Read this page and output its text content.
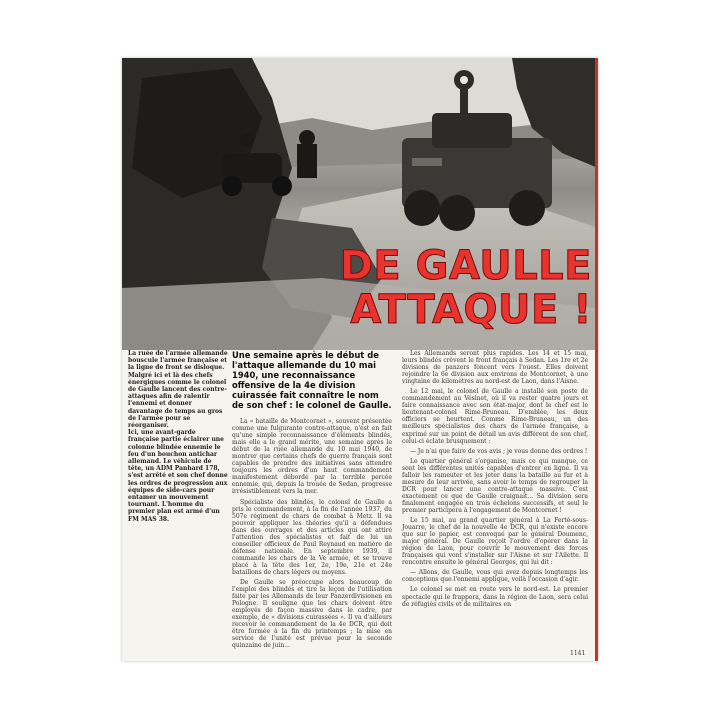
DE GAULLE
ATTAQUE !
La ruée de l'armée allemande bouscule l'armée française et la ligne de front se disloque. Malgré ici et là des chefs énergiques comme le colonel de Gaulle lancent des contre-attaques afin de ralentir l'ennemi et donner davantage de temps au gros de l'armée pour se réorganiser.
Ici, une avant-garde française partie éclairer une colonne blindée ennemie le feu d'un bouchon antichar allemand. Le véhicule de tête, un ADM Panhard 178, s'est arrêté et son chef donne les ordres de progression aux équipes de side-cars pour entamer un mouvement tournant. L'homme du premier plan est armé d'un FM MAS 38.
Une semaine après le début de l'attaque allemande du 10 mai 1940, une reconnaissance offensive de la 4e division cuirassée fait connaître le nom de son chef : le colonel de Gaulle.

La « bataille de Montcornet », souvent présentée comme une fulgurante contre-attaque, n'est en fait qu'une simple reconnaissance d'éléments blindés, mais elle a le grand mérite, une semaine après le début de la ruée allemande du 10 mai 1940, de montrer que certains chefs de guerre français sont capables de prendre des initiatives sans attendre toujours les ordres d'un haut commandement manifestement débordé par la terrible percée ennemie, qui, depuis la trouée de Sedan, progresse irrésistiblement vers la mer.

Spécialiste des blindés, le colonel de Gaulle a pris le commandement, à la fin de l'année 1937, du 507e régiment de chars de combat à Metz. Il va pouvoir appliquer les théories qu'il a défendues dans des ouvrages et des articles qui ont attiré l'attention des spécialistes et fait de lui un conseiller officieux de Paul Reynaud en matière de défense nationale. En septembre 1939, il commande les chars de la Ve armée, et se trouve placé à la tête des 1er, 2e, 19e, 21e et 24e bataillons de chars légers ou moyens.

De Gaulle se préoccupe alors beaucoup de l'emploi des blindés et tire la leçon de l'utilisation faite par les Allemands de leur Panzerdivisionen en Pologne. Il souligne que les chars doivent être employés de façon massive dans le cadre, par exemple, de « divisions cuirassées ». Il va d'ailleurs recevoir le commandement de la 4e DCR, qui doit être formée à la fin du printemps ; la mise en service de l'unité est prévue pour la seconde quinzaine de juin...

Les Allemands seront plus rapides. Les 14 et 15 mai, leurs blindés crèvent le front français à Sedan. Les 1re et 2e divisions de panzers foncent vers l'ouest. Elles doivent rejoindre la 6e division aux environs de Montcornet, à une vingtaine de kilomètres au nord-est de Laon, dans l'Aisne.

Le 12 mai, le colonel de Gaulle a installé son poste de commandement au Vésinet, où il va rester quatre jours et faire connaissance avec son état-major, dont le chef est le lieutenant-colonel Rime-Bruneau. D'emblée, les deux officiers se heurtent. Comme Rime-Bruneau, un des meilleurs spécialistes des chars de l'armée française, a exprimé sur un point de détail un avis différent de son chef, celui-ci éclate brusquement :

— Je n'ai que faire de vos avis ; je vous donne des ordres !

Le quartier général s'organise, mais ce qui manque, ce sont les différentes unités capables d'entrer en ligne. Il va falloir les rameuter et les jeter dans la bataille au fur et à mesure de leur arrivée, sans avoir le temps de regrouper la DCR pour lancer une contre-attaque massive. C'est exactement ce que de Gaulle craignait... Sa division sera finalement engagée en trois échelons successifs, et seul le premier participera à l'engagement de Montcornet !

Le 15 mai, au grand quartier général à La Ferté-sous-Jouarre, le chef de la nouvelle 4e DCR, qui n'existe encore que sur le papier, est convoqué par le général Doumenc, major général. De Gaulle reçoit l'ordre d'opérer dans la région de Laon, pour couvrir le mouvement des forces françaises qui vont s'installer sur l'Aisne et sur l'Ailette. Il rencontre ensuite le général Georges, qui lui dit :

— Allons, de Gaulle, vous qui avez depuis longtemps les conceptions que l'ennemi applique, voilà l'occasion d'agir.

Le colonel se met en route vers le nord-est. Le premier spectacle qui le frappera, dans la région de Laon, sera celui de réfugiés civils et de militaires en

1141
